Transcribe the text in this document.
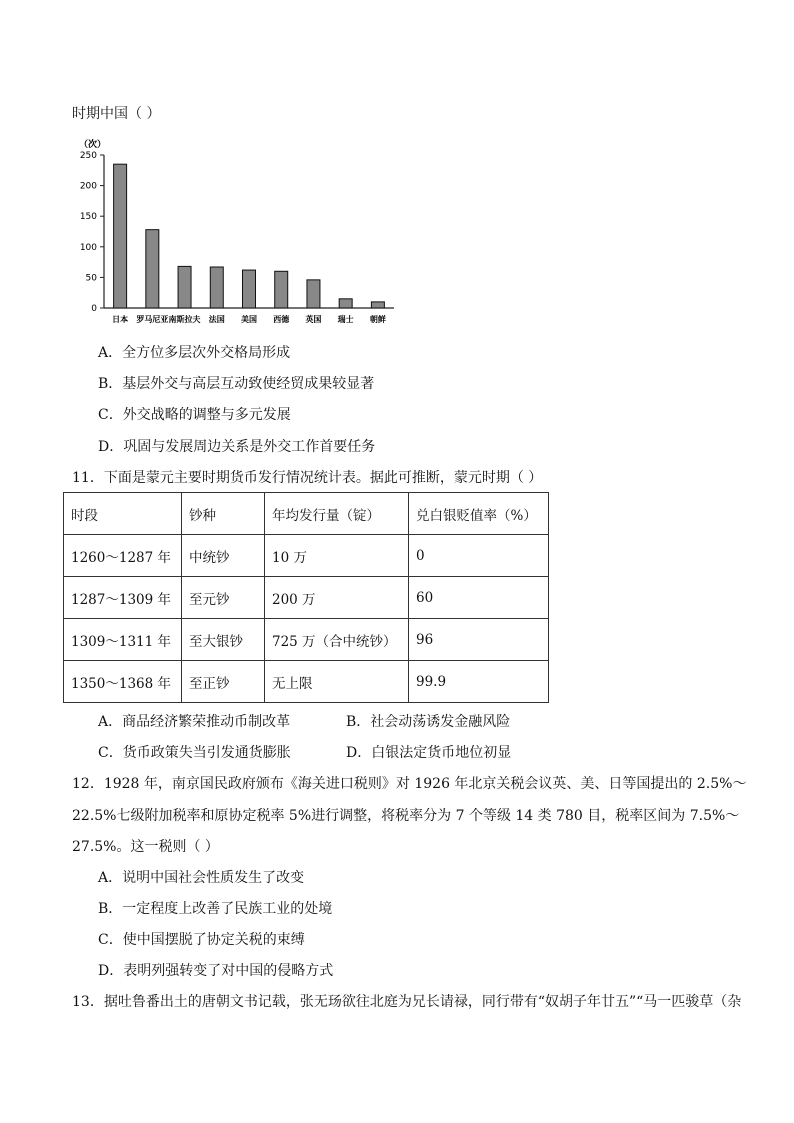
时期中国（ ）
（次）
0
50
100
150
200
250
日本 罗马尼亚 南斯拉夫 法国 美国 西德 英国 瑞士 朝鲜
A．全方位多层次外交格局形成
B．基层外交与高层互动致使经贸成果较显著
C．外交战略的调整与多元发展
D．巩固与发展周边关系是外交工作首要任务
11．下面是蒙元主要时期货币发行情况统计表。据此可推断，蒙元时期（ ）
时段	钞种	年均发行量（锭）	兑白银贬值率（%）
1260～1287 年	中统钞	10 万	0
1287～1309 年	至元钞	200 万	60
1309～1311 年	至大银钞	725 万（合中统钞）	96
1350～1368 年	至正钞	无上限	99.9
A．商品经济繁荣推动币制改革	B．社会动荡诱发金融风险
C．货币政策失当引发通货膨胀	D．白银法定货币地位初显
12．1928 年，南京国民政府颁布《海关进口税则》对 1926 年北京关税会议英、美、日等国提出的 2.5%～
22.5%七级附加税率和原协定税率 5%进行调整，将税率分为 7 个等级 14 类 780 目，税率区间为 7.5%～
27.5%。这一税则（ ）
A．说明中国社会性质发生了改变
B．一定程度上改善了民族工业的处境
C．使中国摆脱了协定关税的束缚
D．表明列强转变了对中国的侵略方式
13．据吐鲁番出土的唐朝文书记载，张无玚欲往北庭为兄长请禄，同行带有“奴胡子年廿五”“马一匹骏草（杂
